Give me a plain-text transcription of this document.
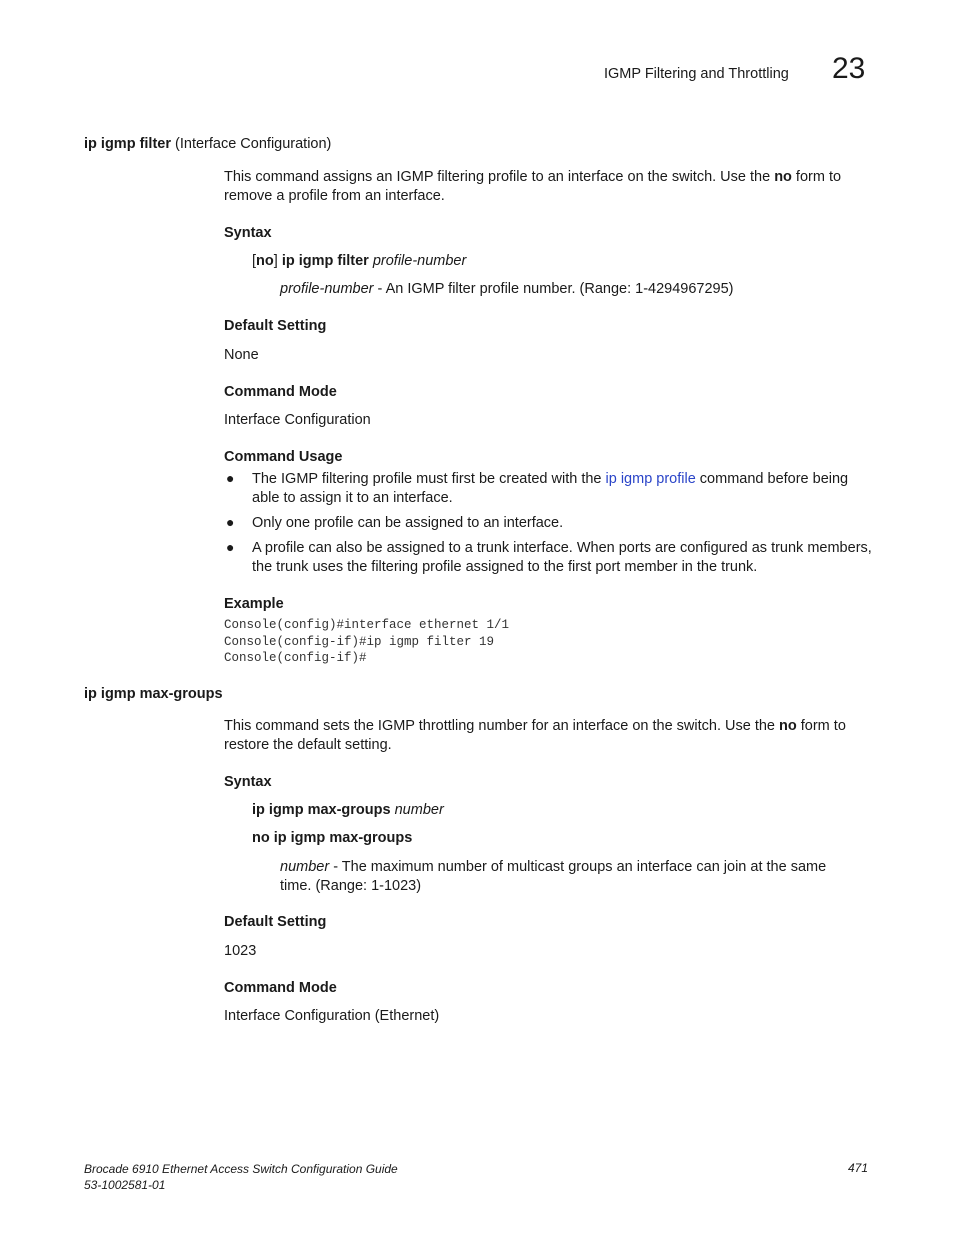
IGMP Filtering and Throttling 23
ip igmp filter (Interface Configuration)
This command assigns an IGMP filtering profile to an interface on the switch. Use the no form to remove a profile from an interface.
Syntax
[no] ip igmp filter profile-number
profile-number - An IGMP filter profile number. (Range: 1-4294967295)
Default Setting
None
Command Mode
Interface Configuration
Command Usage
● The IGMP filtering profile must first be created with the ip igmp profile command before being able to assign it to an interface.
● Only one profile can be assigned to an interface.
● A profile can also be assigned to a trunk interface. When ports are configured as trunk members, the trunk uses the filtering profile assigned to the first port member in the trunk.
Example
Console(config)#interface ethernet 1/1
Console(config-if)#ip igmp filter 19
Console(config-if)#
ip igmp max-groups
This command sets the IGMP throttling number for an interface on the switch. Use the no form to restore the default setting.
Syntax
ip igmp max-groups number
no ip igmp max-groups
number - The maximum number of multicast groups an interface can join at the same time. (Range: 1-1023)
Default Setting
1023
Command Mode
Interface Configuration (Ethernet)
Brocade 6910 Ethernet Access Switch Configuration Guide
53-1002581-01
471
